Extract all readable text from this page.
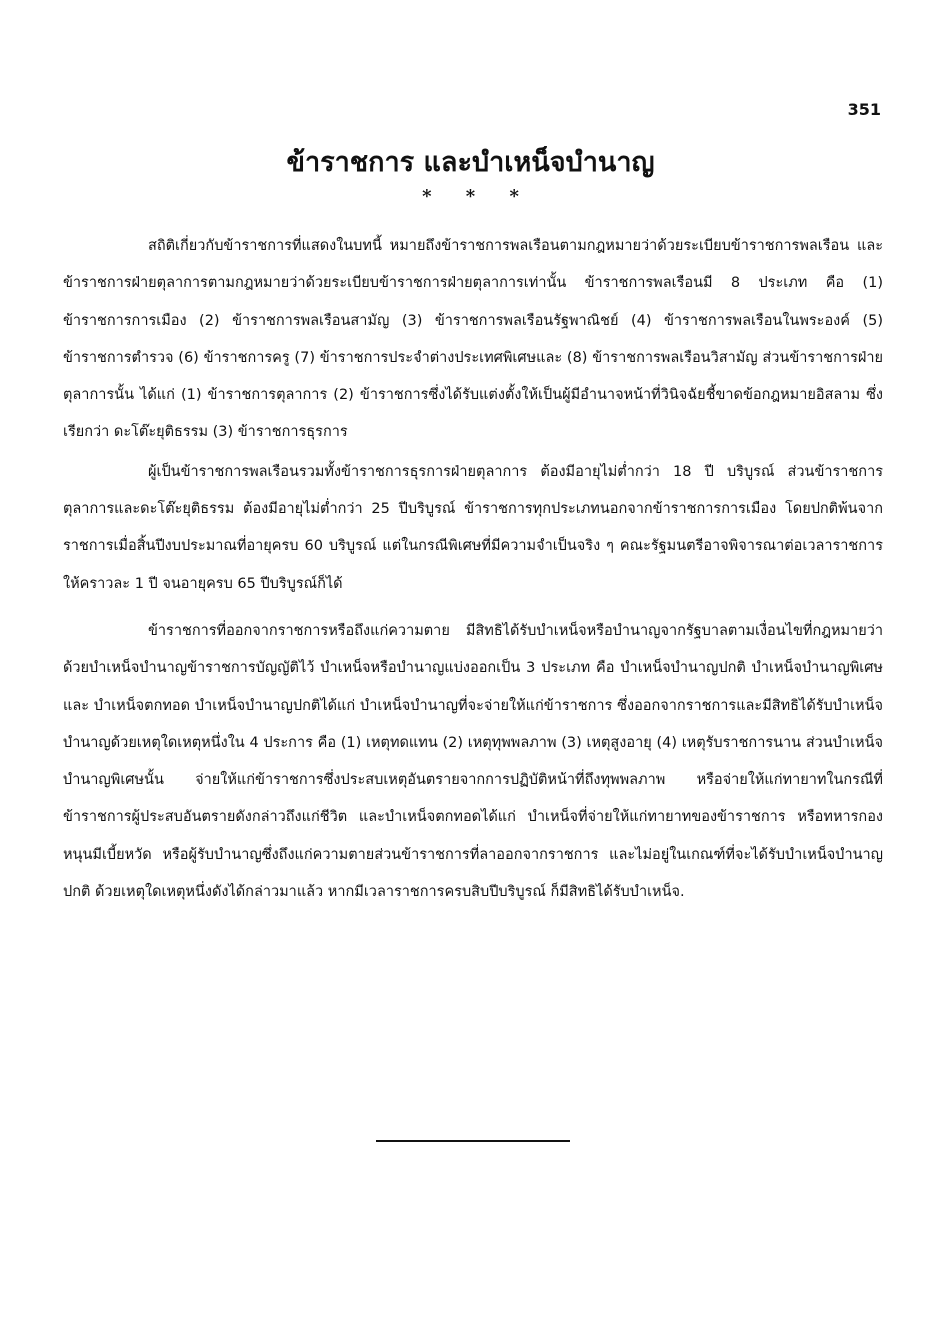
351
ข้าราชการ และบำเหน็จบำนาญ
* * *

สถิติเกี่ยวกับข้าราชการที่แสดงในบทนี้ หมายถึงข้าราชการพลเรือนตามกฎหมายว่าด้วยระเบียบข้าราชการพลเรือน และข้าราชการฝ่ายตุลาการตามกฎหมายว่าด้วยระเบียบข้าราชการฝ่ายตุลาการเท่านั้น ข้าราชการพลเรือนมี 8 ประเภท คือ (1) ข้าราชการการเมือง (2) ข้าราชการพลเรือนสามัญ (3) ข้าราชการพลเรือนรัฐพาณิชย์ (4) ข้าราชการพลเรือนในพระองค์ (5) ข้าราชการตำรวจ (6) ข้าราชการครู (7) ข้าราชการประจำต่างประเทศพิเศษและ (8) ข้าราชการพลเรือนวิสามัญ ส่วนข้าราชการฝ่ายตุลาการนั้น ได้แก่ (1) ข้าราชการตุลาการ (2) ข้าราชการซึ่งได้รับแต่งตั้งให้เป็นผู้มีอำนาจหน้าที่วินิจฉัยชี้ขาดข้อกฎหมายอิสลาม ซึ่งเรียกว่า ดะโต๊ะยุติธรรม (3) ข้าราชการธุรการ

ผู้เป็นข้าราชการพลเรือนรวมทั้งข้าราชการธุรการฝ่ายตุลาการ ต้องมีอายุไม่ต่ำกว่า 18 ปี บริบูรณ์ ส่วนข้าราชการตุลาการและดะโต๊ะยุติธรรม ต้องมีอายุไม่ต่ำกว่า 25 ปีบริบูรณ์ ข้าราชการทุกประเภทนอกจากข้าราชการการเมือง โดยปกติพ้นจากราชการเมื่อสิ้นปีงบประมาณที่อายุครบ 60 บริบูรณ์ แต่ในกรณีพิเศษที่มีความจำเป็นจริง ๆ คณะรัฐมนตรีอาจพิจารณาต่อเวลาราชการให้คราวละ 1 ปี จนอายุครบ 65 ปีบริบูรณ์ก็ได้

ข้าราชการที่ออกจากราชการหรือถึงแก่ความตาย มีสิทธิได้รับบำเหน็จหรือบำนาญจากรัฐบาลตามเงื่อนไขที่กฎหมายว่าด้วยบำเหน็จบำนาญข้าราชการบัญญัติไว้ บำเหน็จหรือบำนาญแบ่งออกเป็น 3 ประเภท คือ บำเหน็จบำนาญปกติ บำเหน็จบำนาญพิเศษ และ บำเหน็จตกทอด บำเหน็จบำนาญปกติได้แก่ บำเหน็จบำนาญที่จะจ่ายให้แก่ข้าราชการ ซึ่งออกจากราชการและมีสิทธิได้รับบำเหน็จบำนาญด้วยเหตุใดเหตุหนึ่งใน 4 ประการ คือ (1) เหตุทดแทน (2) เหตุทุพพลภาพ (3) เหตุสูงอายุ (4) เหตุรับราชการนาน ส่วนบำเหน็จบำนาญพิเศษนั้น จ่ายให้แก่ข้าราชการซึ่งประสบเหตุอันตรายจากการปฏิบัติหน้าที่ถึงทุพพลภาพ หรือจ่ายให้แก่ทายาทในกรณีที่ข้าราชการผู้ประสบอันตรายดังกล่าวถึงแก่ชีวิต และบำเหน็จตกทอดได้แก่ บำเหน็จที่จ่ายให้แก่ทายาทของข้าราชการ หรือทหารกองหนุนมีเบี้ยหวัด หรือผู้รับบำนาญซึ่งถึงแก่ความตายส่วนข้าราชการที่ลาออกจากราชการ และไม่อยู่ในเกณฑ์ที่จะได้รับบำเหน็จบำนาญปกติ ด้วยเหตุใดเหตุหนึ่งดังได้กล่าวมาแล้ว หากมีเวลาราชการครบสิบปีบริบูรณ์ ก็มีสิทธิได้รับบำเหน็จ.
